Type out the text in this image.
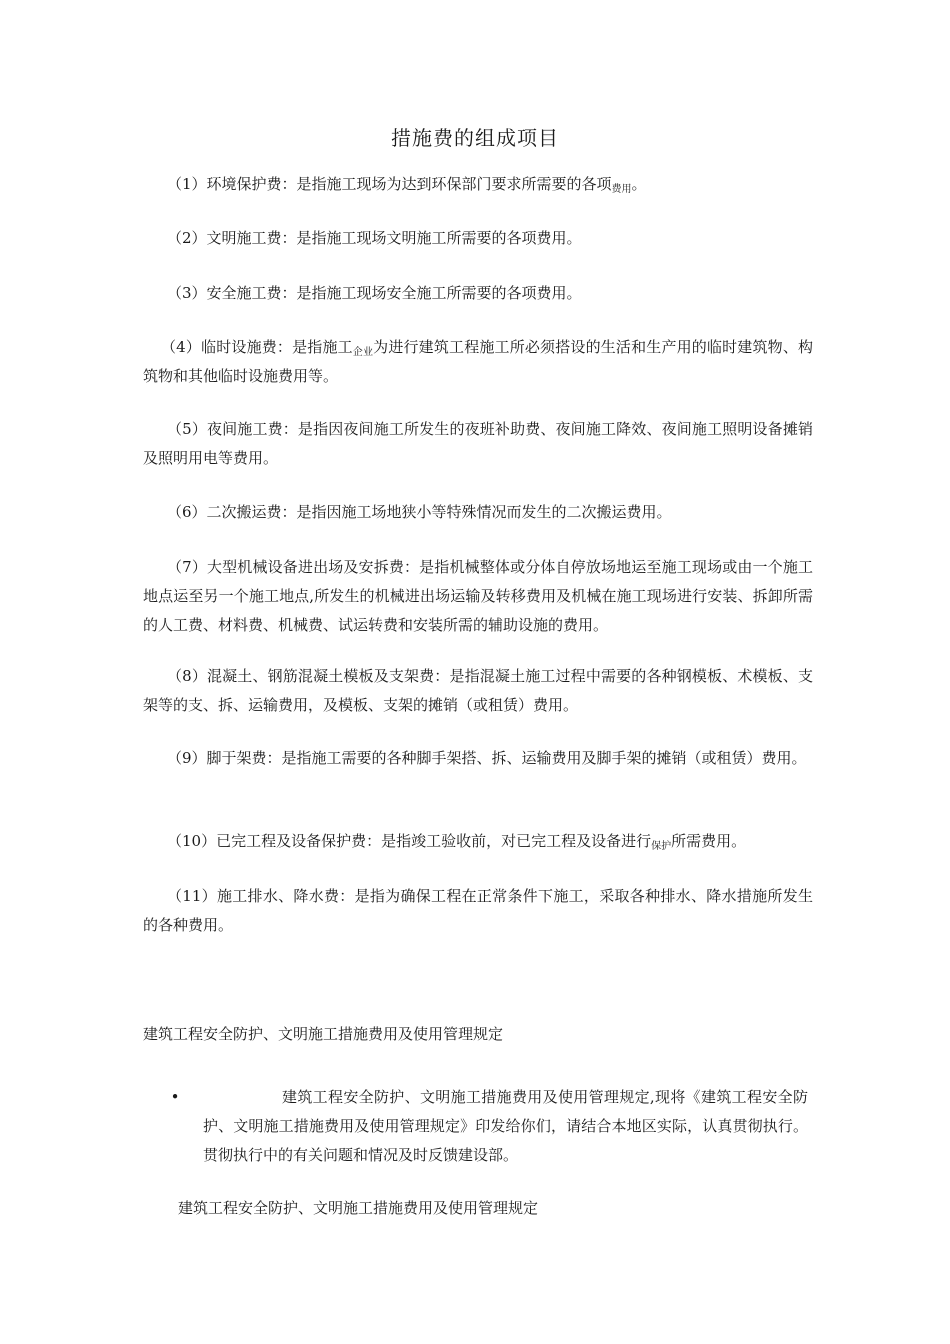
措施费的组成项目
（1）环境保护费：是指施工现场为达到环保部门要求所需要的各项$_{费用}$。
（2）文明施工费：是指施工现场文明施工所需要的各项费用。
（3）安全施工费：是指施工现场安全施工所需要的各项费用。
（4）临时设施费：是指施工$_{企业}$为进行建筑工程施工所必须搭设的生活和生产用的临时建筑物、构筑物和其他临时设施费用等。
（5）夜间施工费：是指因夜间施工所发生的夜班补助费、夜间施工降效、夜间施工照明设备摊销及照明用电等费用。
（6）二次搬运费：是指因施工场地狭小等特殊情况而发生的二次搬运费用。
（7）大型机械设备进出场及安拆费：是指机械整体或分体自停放场地运至施工现场或由一个施工地点运至另一个施工地点,所发生的机械进出场运输及转移费用及机械在施工现场进行安装、拆卸所需的人工费、材料费、机械费、试运转费和安装所需的辅助设施的费用。
（8）混凝土、钢筋混凝土模板及支架费：是指混凝土施工过程中需要的各种钢模板、术模板、支架等的支、拆、运输费用，及模板、支架的摊销（或租赁）费用。
（9）脚于架费：是指施工需要的各种脚手架搭、拆、运输费用及脚手架的摊销（或租赁）费用。
（10）已完工程及设备保护费：是指竣工验收前，对已完工程及设备进行$_{保护}$所需费用。
（11）施工排水、降水费：是指为确保工程在正常条件下施工，采取各种排水、降水措施所发生的各种费用。
建筑工程安全防护、文明施工措施费用及使用管理规定
•	建筑工程安全防护、文明施工措施费用及使用管理规定,现将《建筑工程安全防护、文明施工措施费用及使用管理规定》印发给你们，请结合本地区实际，认真贯彻执行。贯彻执行中的有关问题和情况及时反馈建设部。
建筑工程安全防护、文明施工措施费用及使用管理规定
